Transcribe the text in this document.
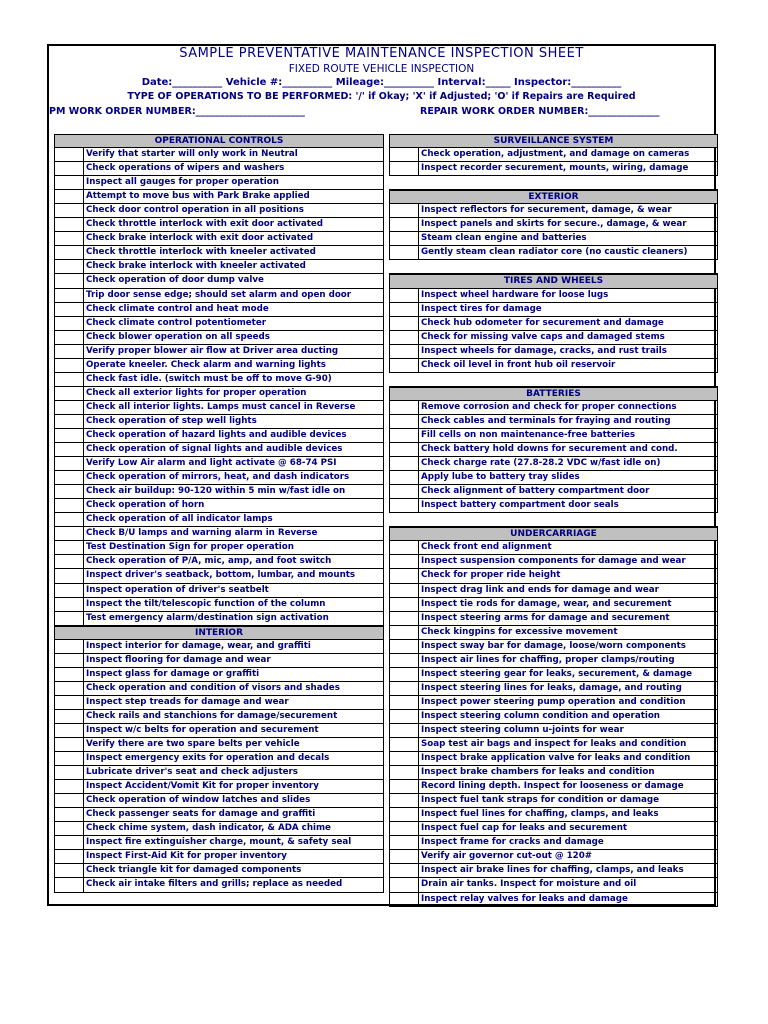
SAMPLE PREVENTATIVE MAINTENANCE INSPECTION SHEET
FIXED ROUTE VEHICLE INSPECTION
Date:__________ Vehicle #:__________ Mileage:__________ Interval:_____ Inspector:__________
TYPE OF OPERATIONS TO BE PERFORMED: '/' if Okay; 'X' if Adjusted; 'O' if Repairs are Required
PM WORK ORDER NUMBER:_______________________	REPAIR WORK ORDER NUMBER:_______________
OPERATIONAL CONTROLS
Verify that starter will only work in Neutral
Check operations of wipers and washers
Inspect all gauges for proper operation
Attempt to move bus with Park Brake applied
Check door control operation in all positions
Check throttle interlock with exit door activated
Check brake interlock with exit door activated
Check throttle interlock with kneeler activated
Check brake interlock with kneeler activated
Check operation of door dump valve
Trip door sense edge; should set alarm and open door
Check climate control and heat mode
Check climate control potentiometer
Check blower operation on all speeds
Verify proper blower air flow at Driver area ducting
Operate kneeler. Check alarm and warning lights
Check fast idle. (switch must be off to move G-90)
Check all exterior lights for proper operation
Check all interior lights. Lamps must cancel in Reverse
Check operation of step well lights
Check operation of hazard lights and audible devices
Check operation of signal lights and audible devices
Verify Low Air alarm and light activate @ 68-74 PSI
Check operation of mirrors, heat, and dash indicators
Check air buildup: 90-120 within 5 min w/fast idle on
Check operation of horn
Check operation of all indicator lamps
Check B/U lamps and warning alarm in Reverse
Test Destination Sign for proper operation
Check operation of P/A, mic, amp, and foot switch
Inspect driver's seatback, bottom, lumbar, and mounts
Inspect operation of driver's seatbelt
Inspect the tilt/telescopic function of the column
Test emergency alarm/destination sign activation
INTERIOR
Inspect interior for damage, wear, and graffiti
Inspect flooring for damage and wear
Inspect glass for damage or graffiti
Check operation and condition of visors and shades
Inspect step treads for damage and wear
Check rails and stanchions for damage/securement
Inspect w/c belts for operation and securement
Verify there are two spare belts per vehicle
Inspect emergency exits for operation and decals
Lubricate driver's seat and check adjusters
Inspect Accident/Vomit Kit for proper inventory
Check operation of window latches and slides
Check passenger seats for damage and graffiti
Check chime system, dash indicator, & ADA chime
Inspect fire extinguisher charge, mount, & safety seal
Inspect First-Aid Kit for proper inventory
Check triangle kit for damaged components
Check air intake filters and grills; replace as needed
SURVEILLANCE SYSTEM
Check operation, adjustment, and damage on cameras
Inspect recorder securement, mounts, wiring, damage
EXTERIOR
Inspect reflectors for securement, damage, & wear
Inspect panels and skirts for secure., damage, & wear
Steam clean engine and batteries
Gently steam clean radiator core (no caustic cleaners)
TIRES AND WHEELS
Inspect wheel hardware for loose lugs
Inspect tires for damage
Check hub odometer for securement and damage
Check for missing valve caps and damaged stems
Inspect wheels for damage, cracks, and rust trails
Check oil level in front hub oil reservoir
BATTERIES
Remove corrosion and check for proper connections
Check cables and terminals for fraying and routing
Fill cells on non maintenance-free batteries
Check battery hold downs for securement and cond.
Check charge rate (27.8-28.2 VDC w/fast idle on)
Apply lube to battery tray slides
Check alignment of battery compartment door
Inspect battery compartment door seals
UNDERCARRIAGE
Check front end alignment
Inspect suspension components for damage and wear
Check for proper ride height
Inspect drag link and ends for damage and wear
Inspect tie rods for damage, wear, and securement
Inspect steering arms for damage and securement
Check kingpins for excessive movement
Inspect sway bar for damage, loose/worn components
Inspect air lines for chaffing, proper clamps/routing
Inspect steering gear for leaks, securement, & damage
Inspect steering lines for leaks, damage, and routing
Inspect power steering pump operation and condition
Inspect steering column condition and operation
Inspect steering column u-joints for wear
Soap test air bags and inspect for leaks and condition
Inspect brake application valve for leaks and condition
Inspect brake chambers for leaks and condition
Record lining depth. Inspect for looseness or damage
Inspect fuel tank straps for condition or damage
Inspect fuel lines for chaffing, clamps, and leaks
Inspect fuel cap for leaks and securement
Inspect frame for cracks and damage
Verify air governor cut-out @ 120#
Inspect air brake lines for chaffing, clamps, and leaks
Drain air tanks. Inspect for moisture and oil
Inspect relay valves for leaks and damage
